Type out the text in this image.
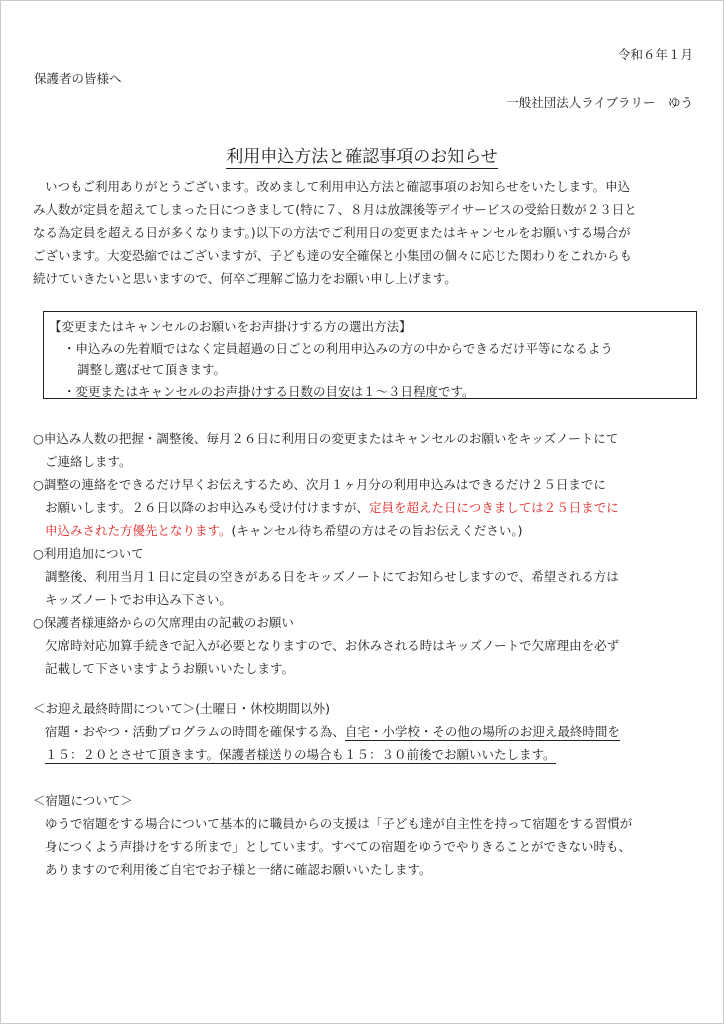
令和６年１月
保護者の皆様へ
一般社団法人ライブラリー　ゆう
利用申込方法と確認事項のお知らせ
いつもご利用ありがとうございます。改めまして利用申込方法と確認事項のお知らせをいたします。申込
み人数が定員を超えてしまった日につきまして(特に７、８月は放課後等デイサービスの受給日数が２３日と
なる為定員を超える日が多くなります。)以下の方法でご利用日の変更またはキャンセルをお願いする場合が
ございます。大変恐縮ではございますが、子ども達の安全確保と小集団の個々に応じた関わりをこれからも
続けていきたいと思いますので、何卒ご理解ご協力をお願い申し上げます。
【変更またはキャンセルのお願いをお声掛けする方の選出方法】
・申込みの先着順ではなく定員超過の日ごとの利用申込みの方の中からできるだけ平等になるよう
調整し選ばせて頂きます。
・変更またはキャンセルのお声掛けする日数の目安は１～３日程度です。
○申込み人数の把握・調整後、毎月２６日に利用日の変更またはキャンセルのお願いをキッズノートにて
ご連絡します。
○調整の連絡をできるだけ早くお伝えするため、次月１ヶ月分の利用申込みはできるだけ２５日までに
お願いします。２６日以降のお申込みも受け付けますが、定員を超えた日につきましては２５日までに
申込みされた方優先となります。(キャンセル待ち希望の方はその旨お伝えください。)
○利用追加について
調整後、利用当月１日に定員の空きがある日をキッズノートにてお知らせしますので、希望される方は
キッズノートでお申込み下さい。
○保護者様連絡からの欠席理由の記載のお願い
欠席時対応加算手続きで記入が必要となりますので、お休みされる時はキッズノートで欠席理由を必ず
記載して下さいますようお願いいたします。
＜お迎え最終時間について＞(土曜日・休校期間以外)
宿題・おやつ・活動プログラムの時間を確保する為、自宅・小学校・その他の場所のお迎え最終時間を
１５：２０とさせて頂きます。保護者様送りの場合も１５：３０前後でお願いいたします。
＜宿題について＞
ゆうで宿題をする場合について基本的に職員からの支援は「子ども達が自主性を持って宿題をする習慣が
身につくよう声掛けをする所まで」としています。すべての宿題をゆうでやりきることができない時も、
ありますので利用後ご自宅でお子様と一緒に確認お願いいたします。
